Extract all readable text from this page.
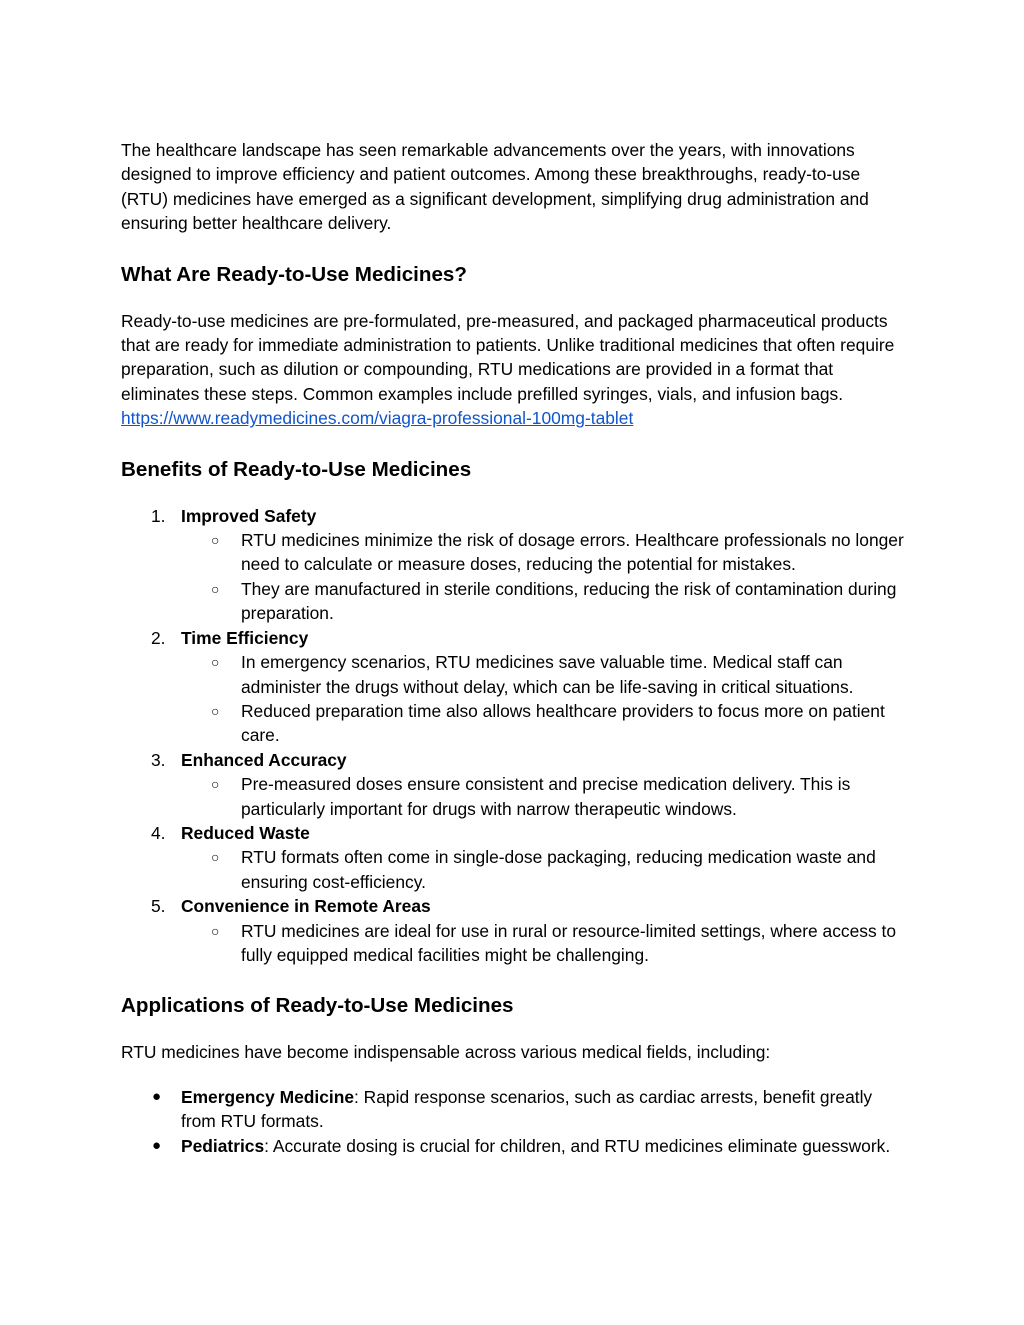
The healthcare landscape has seen remarkable advancements over the years, with innovations designed to improve efficiency and patient outcomes. Among these breakthroughs, ready-to-use (RTU) medicines have emerged as a significant development, simplifying drug administration and ensuring better healthcare delivery.

What Are Ready-to-Use Medicines?

Ready-to-use medicines are pre-formulated, pre-measured, and packaged pharmaceutical products that are ready for immediate administration to patients. Unlike traditional medicines that often require preparation, such as dilution or compounding, RTU medications are provided in a format that eliminates these steps. Common examples include prefilled syringes, vials, and infusion bags. https://www.readymedicines.com/viagra-professional-100mg-tablet

Benefits of Ready-to-Use Medicines
1. Improved Safety
○ RTU medicines minimize the risk of dosage errors. Healthcare professionals no longer need to calculate or measure doses, reducing the potential for mistakes.
○ They are manufactured in sterile conditions, reducing the risk of contamination during preparation.
2. Time Efficiency
○ In emergency scenarios, RTU medicines save valuable time. Medical staff can administer the drugs without delay, which can be life-saving in critical situations.
○ Reduced preparation time also allows healthcare providers to focus more on patient care.
3. Enhanced Accuracy
○ Pre-measured doses ensure consistent and precise medication delivery. This is particularly important for drugs with narrow therapeutic windows.
4. Reduced Waste
○ RTU formats often come in single-dose packaging, reducing medication waste and ensuring cost-efficiency.
5. Convenience in Remote Areas
○ RTU medicines are ideal for use in rural or resource-limited settings, where access to fully equipped medical facilities might be challenging.
Applications of Ready-to-Use Medicines

RTU medicines have become indispensable across various medical fields, including:

● Emergency Medicine: Rapid response scenarios, such as cardiac arrests, benefit greatly from RTU formats.
● Pediatrics: Accurate dosing is crucial for children, and RTU medicines eliminate guesswork.
